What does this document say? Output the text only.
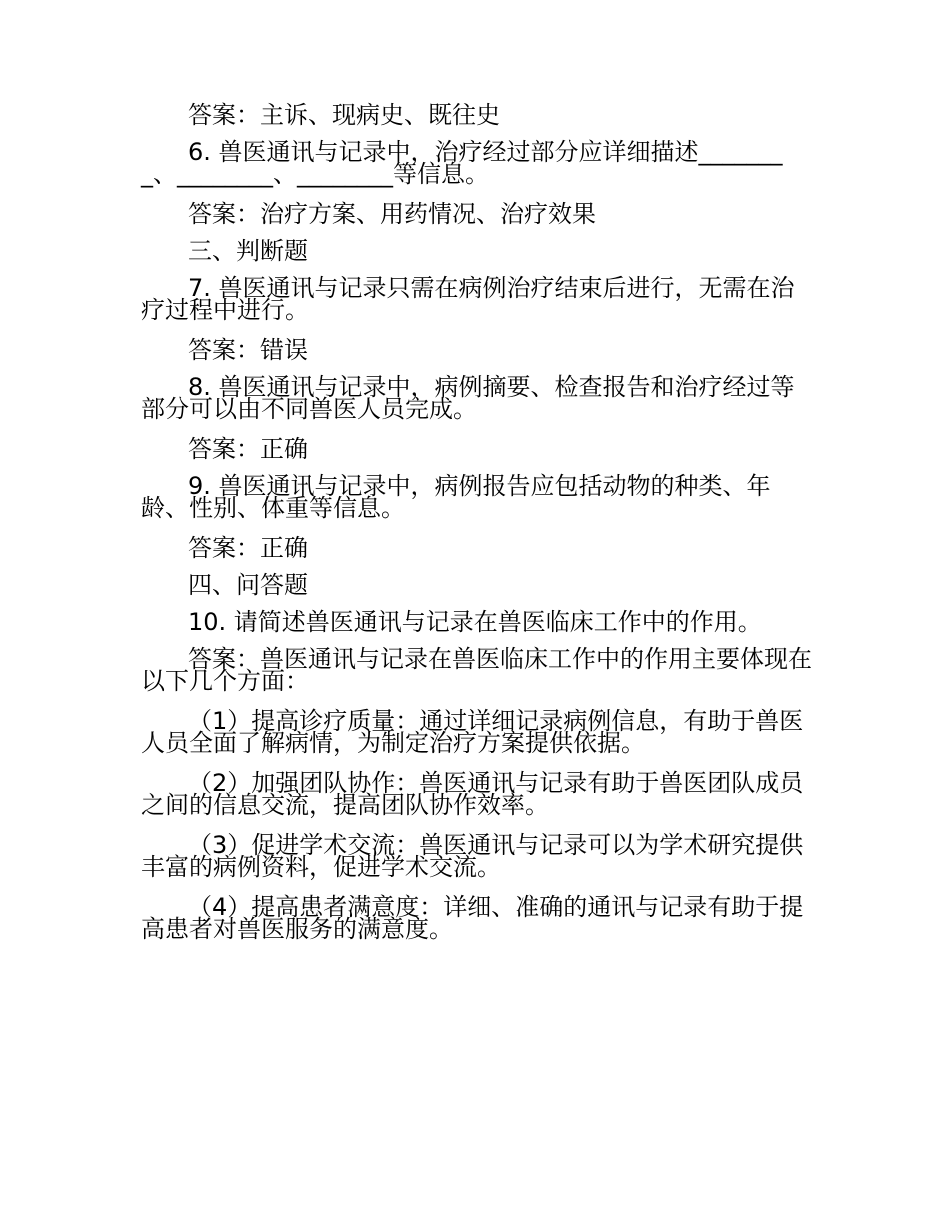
答案：主诉、现病史、既往史

6. 兽医通讯与记录中，治疗经过部分应详细描述________、________、________等信息。

答案：治疗方案、用药情况、治疗效果

三、判断题

7. 兽医通讯与记录只需在病例治疗结束后进行，无需在治疗过程中进行。

答案：错误

8. 兽医通讯与记录中，病例摘要、检查报告和治疗经过等部分可以由不同兽医人员完成。

答案：正确

9. 兽医通讯与记录中，病例报告应包括动物的种类、年龄、性别、体重等信息。

答案：正确

四、问答题

10. 请简述兽医通讯与记录在兽医临床工作中的作用。

答案：兽医通讯与记录在兽医临床工作中的作用主要体现在以下几个方面：

（1）提高诊疗质量：通过详细记录病例信息，有助于兽医人员全面了解病情，为制定治疗方案提供依据。

（2）加强团队协作：兽医通讯与记录有助于兽医团队成员之间的信息交流，提高团队协作效率。

（3）促进学术交流：兽医通讯与记录可以为学术研究提供丰富的病例资料，促进学术交流。

（4）提高患者满意度：详细、准确的通讯与记录有助于提高患者对兽医服务的满意度。
